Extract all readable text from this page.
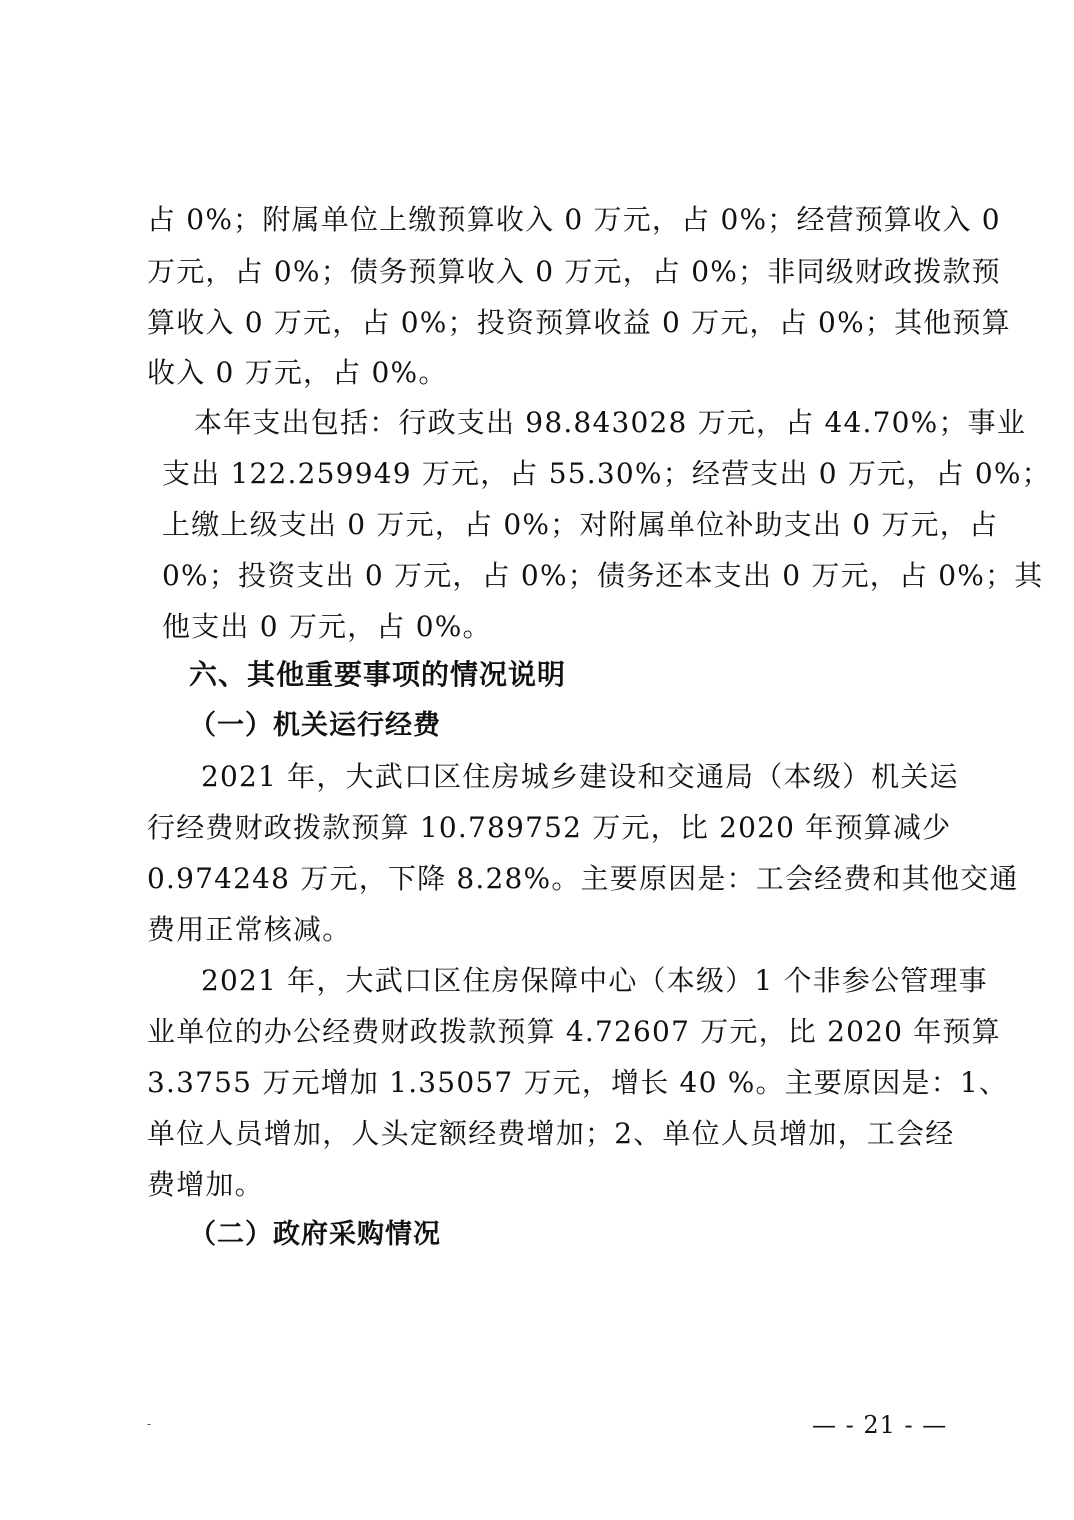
占 0%；附属单位上缴预算收入 0 万元，占 0%；经营预算收入 0

万元，占 0%；债务预算收入 0 万元，占 0%；非同级财政拨款预

算收入 0 万元，占 0%；投资预算收益 0 万元，占 0%；其他预算

收入 0 万元，占 0%。

本年支出包括：行政支出 98.843028 万元，占 44.70%；事业

支出 122.259949 万元，占 55.30%；经营支出 0 万元，占 0%；

上缴上级支出 0 万元，占 0%；对附属单位补助支出 0 万元，占

0%；投资支出 0 万元，占 0%；债务还本支出 0 万元，占 0%；其

他支出 0 万元，占 0%。

六、其他重要事项的情况说明
（一）机关运行经费

2021 年，大武口区住房城乡建设和交通局（本级）机关运

行经费财政拨款预算 10.789752 万元，比 2020 年预算减少

0.974248 万元，下降 8.28%。主要原因是：工会经费和其他交通

费用正常核减。

2021 年，大武口区住房保障中心（本级）1 个非参公管理事

业单位的办公经费财政拨款预算 4.72607 万元，比 2020 年预算

3.3755 万元增加 1.35057 万元，增长 40 %。主要原因是：1、

单位人员增加，人头定额经费增加；2、单位人员增加，工会经

费增加。

（二）政府采购情况
-	— - 21 - —
